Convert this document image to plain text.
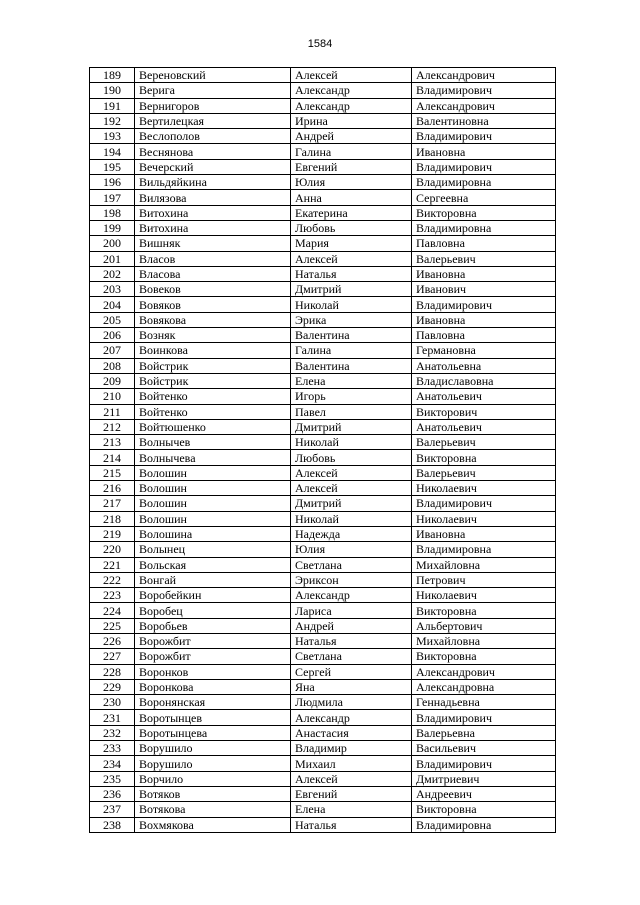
1584
189	Вереновский	Алексей	Александрович
190	Верига	Александр	Владимирович
191	Вернигоров	Александр	Александрович
192	Вертилецкая	Ирина	Валентиновна
193	Веслополов	Андрей	Владимирович
194	Веснянова	Галина	Ивановна
195	Вечерский	Евгений	Владимирович
196	Вильдяйкина	Юлия	Владимировна
197	Вилязова	Анна	Сергеевна
198	Витохина	Екатерина	Викторовна
199	Витохина	Любовь	Владимировна
200	Вишняк	Мария	Павловна
201	Власов	Алексей	Валерьевич
202	Власова	Наталья	Ивановна
203	Вовеков	Дмитрий	Иванович
204	Вовяков	Николай	Владимирович
205	Вовякова	Эрика	Ивановна
206	Возняк	Валентина	Павловна
207	Воинкова	Галина	Германовна
208	Войстрик	Валентина	Анатольевна
209	Войстрик	Елена	Владиславовна
210	Войтенко	Игорь	Анатольевич
211	Войтенко	Павел	Викторович
212	Войтюшенко	Дмитрий	Анатольевич
213	Волнычев	Николай	Валерьевич
214	Волнычева	Любовь	Викторовна
215	Волошин	Алексей	Валерьевич
216	Волошин	Алексей	Николаевич
217	Волошин	Дмитрий	Владимирович
218	Волошин	Николай	Николаевич
219	Волошина	Надежда	Ивановна
220	Волынец	Юлия	Владимировна
221	Вольская	Светлана	Михайловна
222	Вонгай	Эриксон	Петрович
223	Воробейкин	Александр	Николаевич
224	Воробец	Лариса	Викторовна
225	Воробьев	Андрей	Альбертович
226	Ворожбит	Наталья	Михайловна
227	Ворожбит	Светлана	Викторовна
228	Воронков	Сергей	Александрович
229	Воронкова	Яна	Александровна
230	Воронянская	Людмила	Геннадьевна
231	Воротынцев	Александр	Владимирович
232	Воротынцева	Анастасия	Валерьевна
233	Ворушило	Владимир	Васильевич
234	Ворушило	Михаил	Владимирович
235	Ворчило	Алексей	Дмитриевич
236	Вотяков	Евгений	Андреевич
237	Вотякова	Елена	Викторовна
238	Вохмякова	Наталья	Владимировна
